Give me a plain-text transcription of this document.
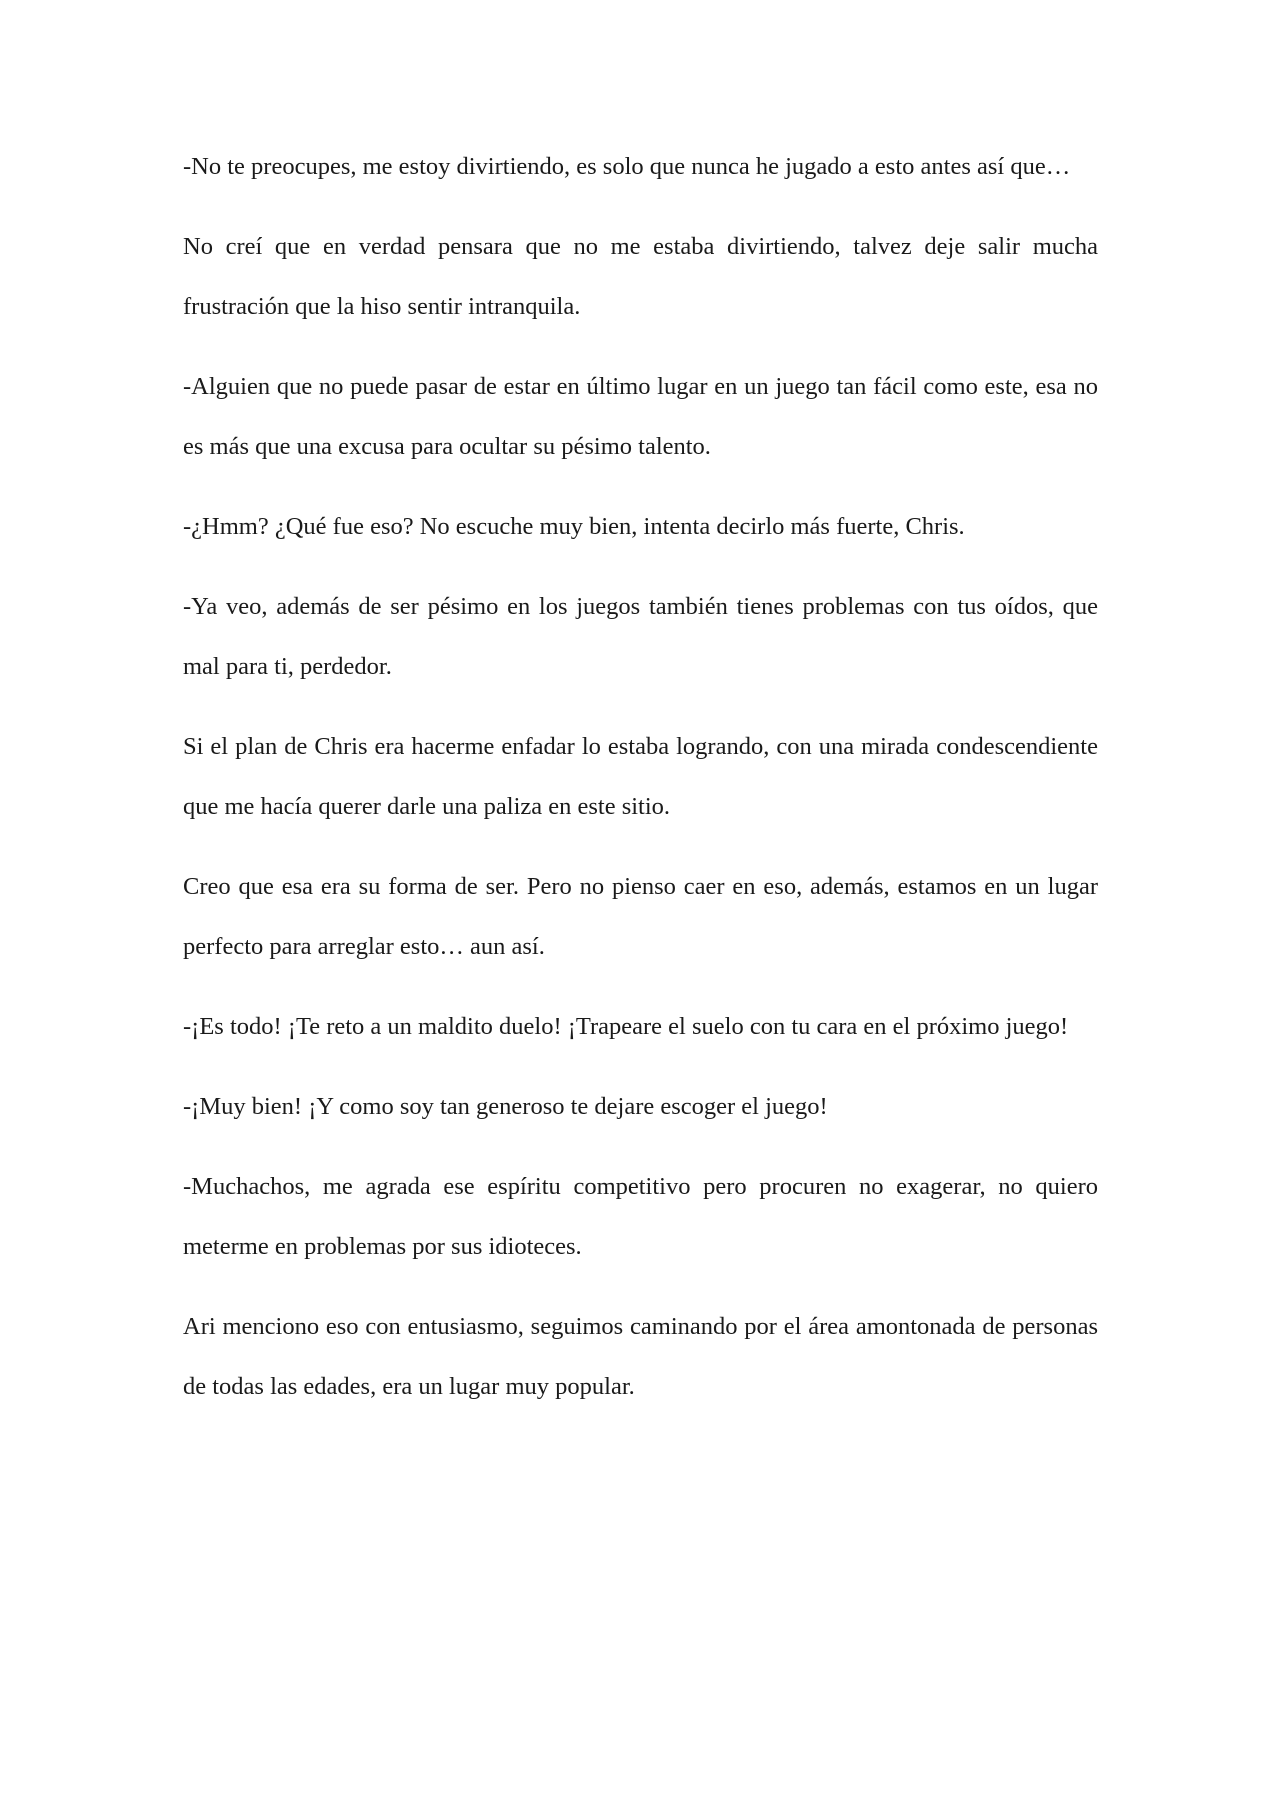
-No te preocupes, me estoy divirtiendo, es solo que nunca he jugado a esto antes así que…

No creí que en verdad pensara que no me estaba divirtiendo, talvez deje salir mucha frustración que la hiso sentir intranquila.

-Alguien que no puede pasar de estar en último lugar en un juego tan fácil como este, esa no es más que una excusa para ocultar su pésimo talento.

-¿Hmm? ¿Qué fue eso? No escuche muy bien, intenta decirlo más fuerte, Chris.

-Ya veo, además de ser pésimo en los juegos también tienes problemas con tus oídos, que mal para ti, perdedor.

Si el plan de Chris era hacerme enfadar lo estaba logrando, con una mirada condescendiente que me hacía querer darle una paliza en este sitio.

Creo que esa era su forma de ser. Pero no pienso caer en eso, además, estamos en un lugar perfecto para arreglar esto… aun así.

-¡Es todo! ¡Te reto a un maldito duelo! ¡Trapeare el suelo con tu cara en el próximo juego!

-¡Muy bien! ¡Y como soy tan generoso te dejare escoger el juego!

-Muchachos, me agrada ese espíritu competitivo pero procuren no exagerar, no quiero meterme en problemas por sus idioteces.

Ari menciono eso con entusiasmo, seguimos caminando por el área amontonada de personas de todas las edades, era un lugar muy popular.
